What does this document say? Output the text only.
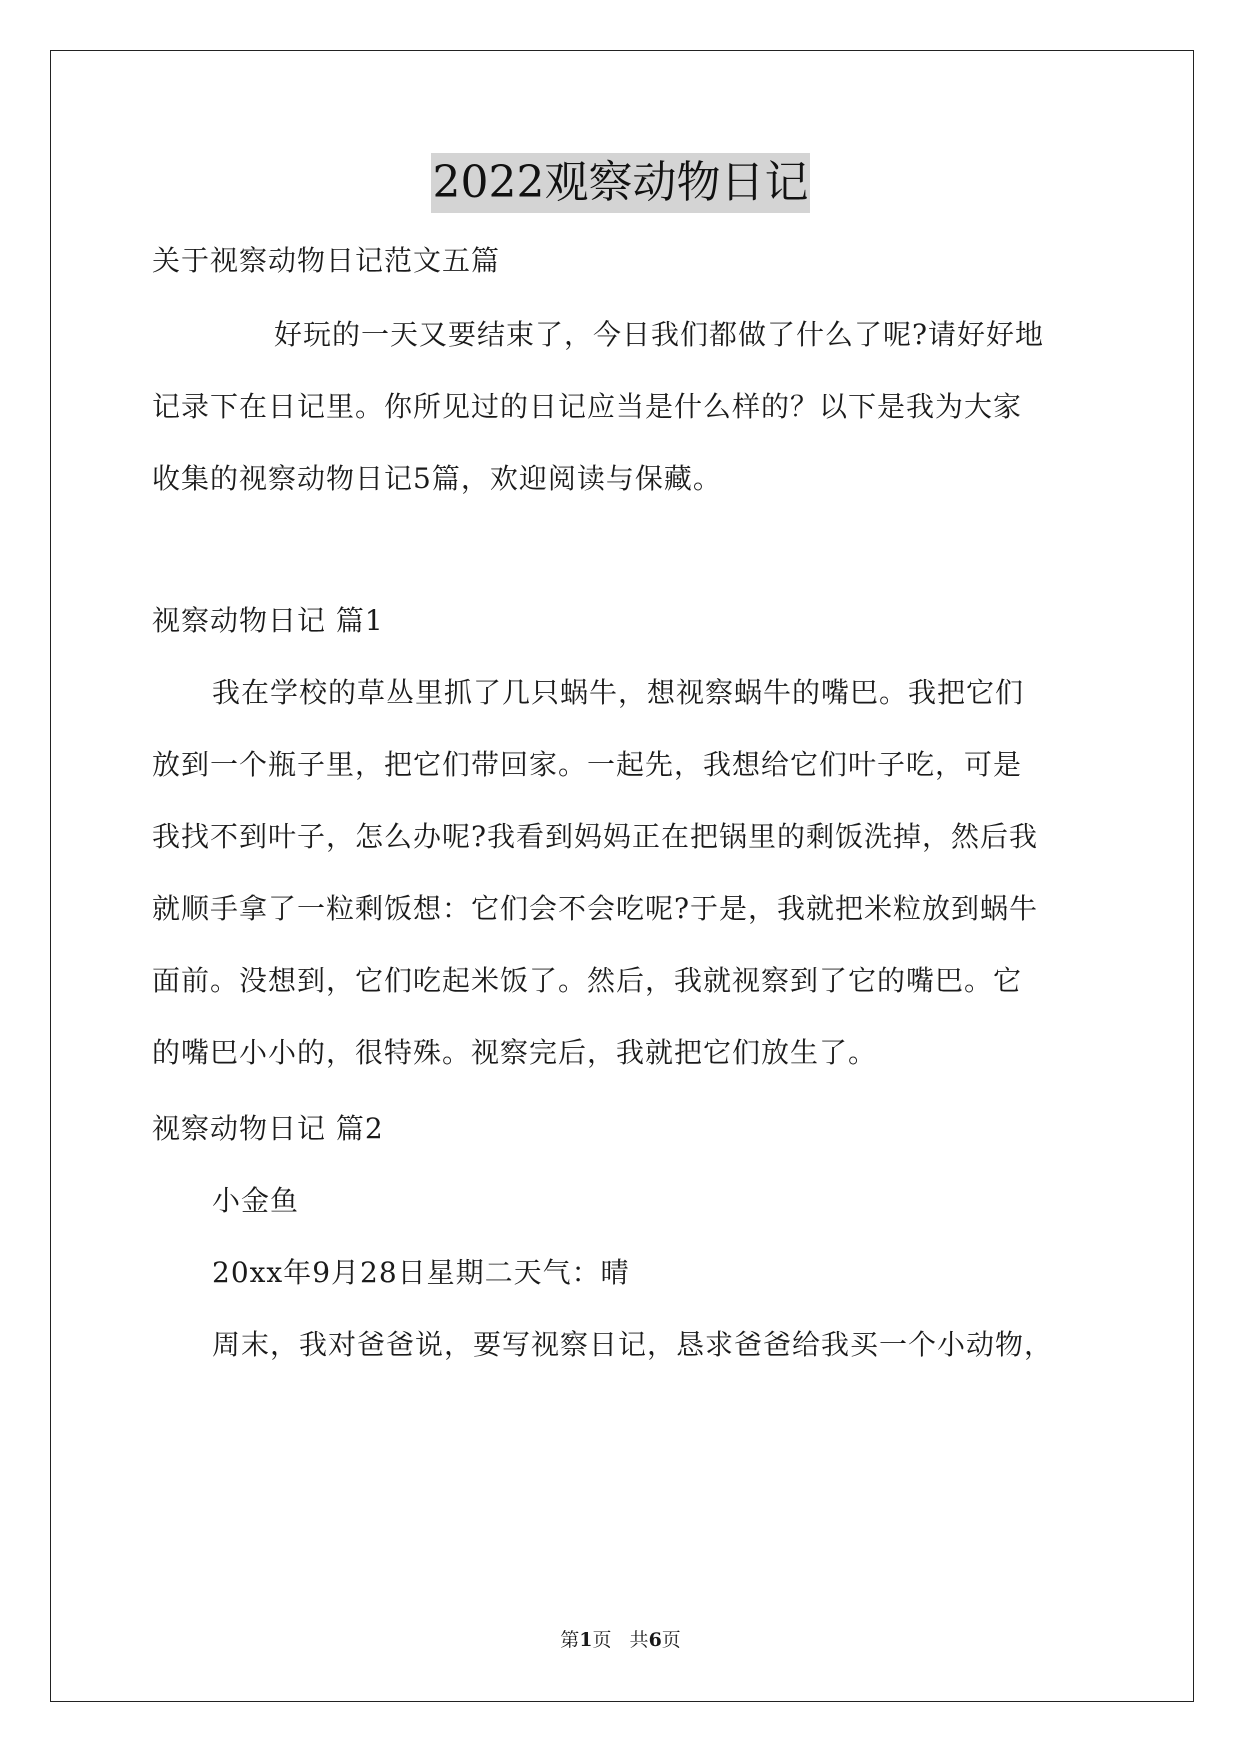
2022观察动物日记
关于视察动物日记范文五篇
好玩的一天又要结束了，今日我们都做了什么了呢?请好好地
记录下在日记里。你所见过的日记应当是什么样的？以下是我为大家
收集的视察动物日记5篇，欢迎阅读与保藏。
视察动物日记 篇1
我在学校的草丛里抓了几只蜗牛，想视察蜗牛的嘴巴。我把它们
放到一个瓶子里，把它们带回家。一起先，我想给它们叶子吃，可是
我找不到叶子，怎么办呢?我看到妈妈正在把锅里的剩饭洗掉，然后我
就顺手拿了一粒剩饭想：它们会不会吃呢?于是，我就把米粒放到蜗牛
面前。没想到，它们吃起米饭了。然后，我就视察到了它的嘴巴。它
的嘴巴小小的，很特殊。视察完后，我就把它们放生了。
视察动物日记 篇2
小金鱼
20xx年9月28日星期二天气：晴
周末，我对爸爸说，要写视察日记，恳求爸爸给我买一个小动物，
第1页   共6页
